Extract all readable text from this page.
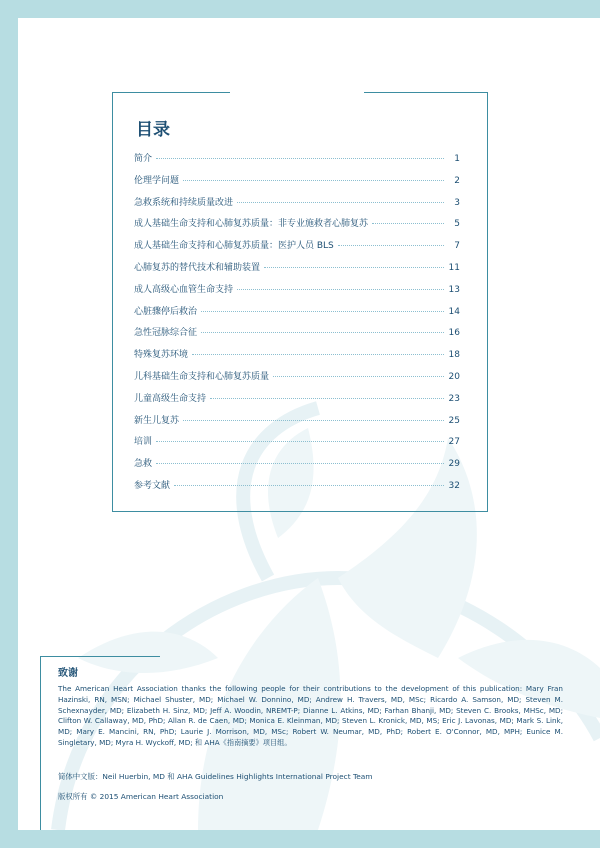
目录
简介	1
伦理学问题	2
急救系统和持续质量改进	3
成人基础生命支持和心肺复苏质量：非专业施救者心肺复苏	5
成人基础生命支持和心肺复苏质量：医护人员 BLS	7
心肺复苏的替代技术和辅助装置	11
成人高级心血管生命支持	13
心脏骤停后救治	14
急性冠脉综合征	16
特殊复苏环境	18
儿科基础生命支持和心肺复苏质量	20
儿童高级生命支持	23
新生儿复苏	25
培训	27
急救	29
参考文献	32
致谢

The American Heart Association thanks the following people for their contributions to the development of this publication: Mary Fran Hazinski, RN, MSN; Michael Shuster, MD; Michael W. Donnino, MD; Andrew H. Travers, MD, MSc; Ricardo A. Samson, MD; Steven M. Schexnayder, MD; Elizabeth H. Sinz, MD; Jeff A. Woodin, NREMT-P; Dianne L. Atkins, MD; Farhan Bhanji, MD; Steven C. Brooks, MHSc, MD; Clifton W. Callaway, MD, PhD; Allan R. de Caen, MD; Monica E. Kleinman, MD; Steven L. Kronick, MD, MS; Eric J. Lavonas, MD; Mark S. Link, MD; Mary E. Mancini, RN, PhD; Laurie J. Morrison, MD, MSc; Robert W. Neumar, MD, PhD; Robert E. O'Connor, MD, MPH; Eunice M. Singletary, MD; Myra H. Wyckoff, MD; 和 AHA《指南摘要》项目组。

简体中文版：Neil Huerbin, MD 和 AHA Guidelines Highlights International Project Team

版权所有 © 2015 American Heart Association
